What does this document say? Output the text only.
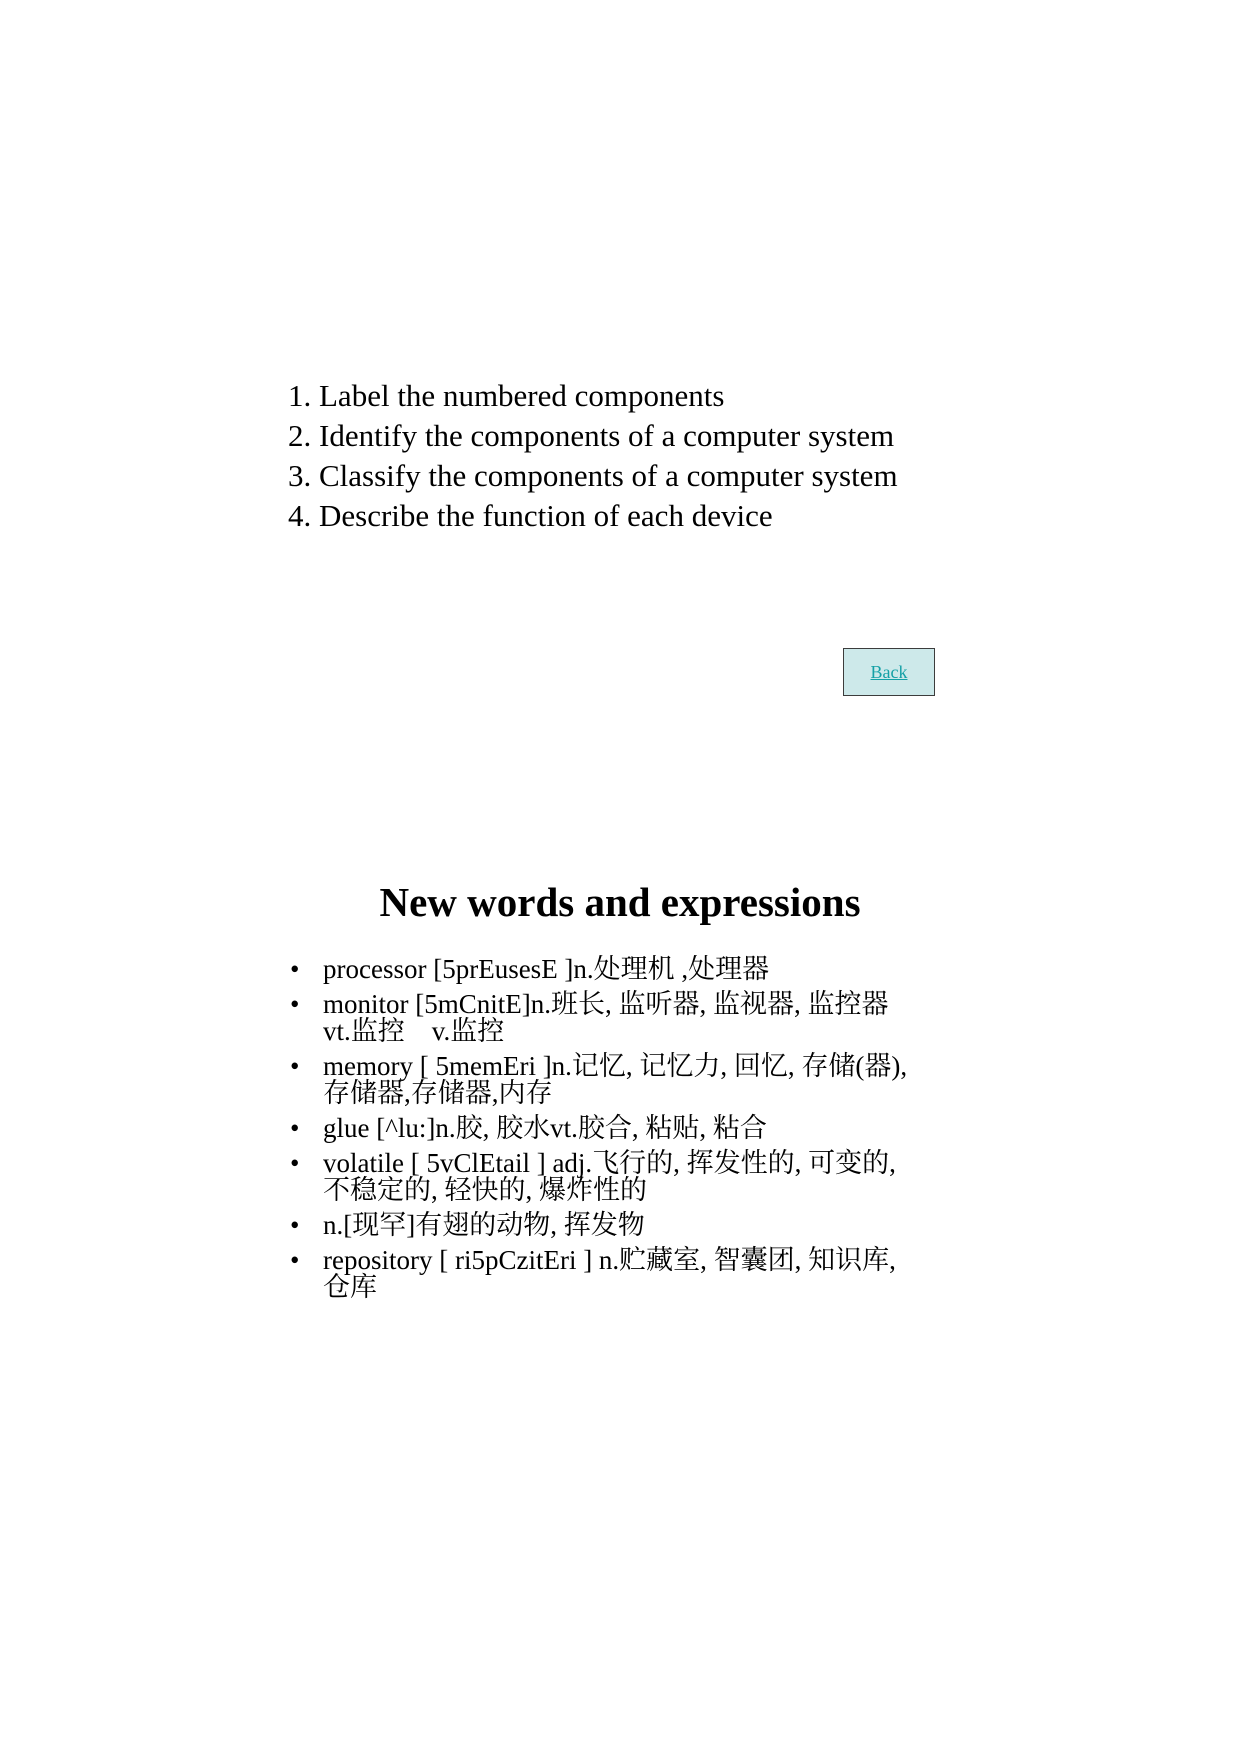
1. Label the numbered components
2. Identify the components of a computer system
3. Classify the components of a computer system
4. Describe the function of each device
Back
New words and expressions
• processor [5prEusesE ]n.处理机 ,处理器
• monitor [5mCnitE]n.班长, 监听器, 监视器, 监控器
vt.监控　v.监控
• memory [ 5memEri ]n.记忆, 记忆力, 回忆, 存储(器),
存储器,存储器,内存
• glue [^lu:]n.胶, 胶水vt.胶合, 粘贴, 粘合
• volatile [ 5vClEtail ] adj.飞行的, 挥发性的, 可变的,
不稳定的, 轻快的, 爆炸性的
• n.[现罕]有翅的动物, 挥发物
• repository [ ri5pCzitEri ] n.贮藏室, 智囊团, 知识库,
仓库
